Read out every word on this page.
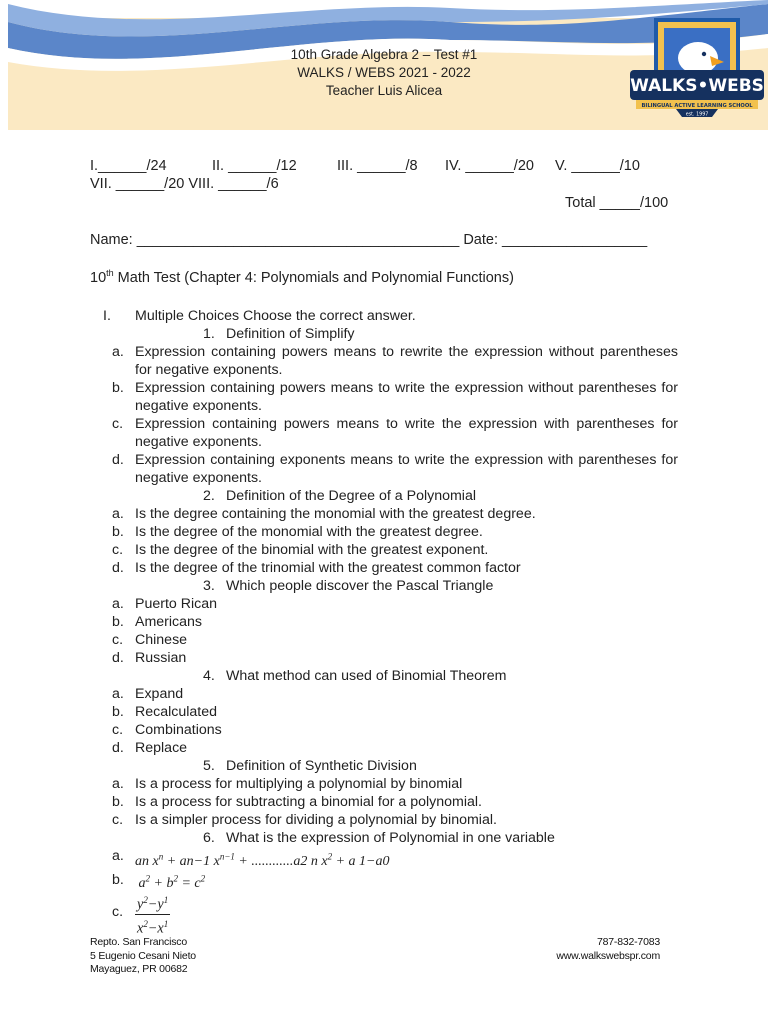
10th Grade Algebra 2 – Test #1
WALKS / WEBS 2021 - 2022
Teacher Luis Alicea	WALKS•WEBS
BILINGUAL ACTIVE LEARNING SCHOOL
est. 1997
I.______/24	II. ______/12	III. ______/8 IV. ______/20 V. ______/10
VII. ______/20 VIII. ______/6
Total _____/100
Name: ________________________________________ Date: __________________
10th Math Test (Chapter 4: Polynomials and Polynomial Functions)
I. Multiple Choices Choose the correct answer.
1. Definition of Simplify
a. Expression containing powers means to rewrite the expression without parentheses for negative exponents.
b. Expression containing powers means to write the expression without parentheses for negative exponents.
c. Expression containing powers means to write the expression with parentheses for negative exponents.
d. Expression containing exponents means to write the expression with parentheses for negative exponents.
2. Definition of the Degree of a Polynomial
a. Is the degree containing the monomial with the greatest degree.
b. Is the degree of the monomial with the greatest degree.
c. Is the degree of the binomial with the greatest exponent.
d. Is the degree of the trinomial with the greatest common factor
3. Which people discover the Pascal Triangle
a. Puerto Rican
b. Americans
c. Chinese
d. Russian
4. What method can used of Binomial Theorem
a. Expand
b. Recalculated
c. Combinations
d. Replace
5. Definition of Synthetic Division
a. Is a process for multiplying a polynomial by binomial
b. Is a process for subtracting a binomial for a polynomial.
c. Is a simpler process for dividing a polynomial by binomial.
6. What is the expression of Polynomial in one variable
a. an $x^n + an-1$ $x^{n-1} + ............a2$ n $x^2 + a$ 1−a0
b. $a^2 + b^2 = c^2$
c. $\frac{y^2-y^1}{x^2-x^1}$
Repto. San Francisco
5 Eugenio Cesani Nieto
Mayaguez, PR 00682
787-832-7083
www.walkswebspr.com
